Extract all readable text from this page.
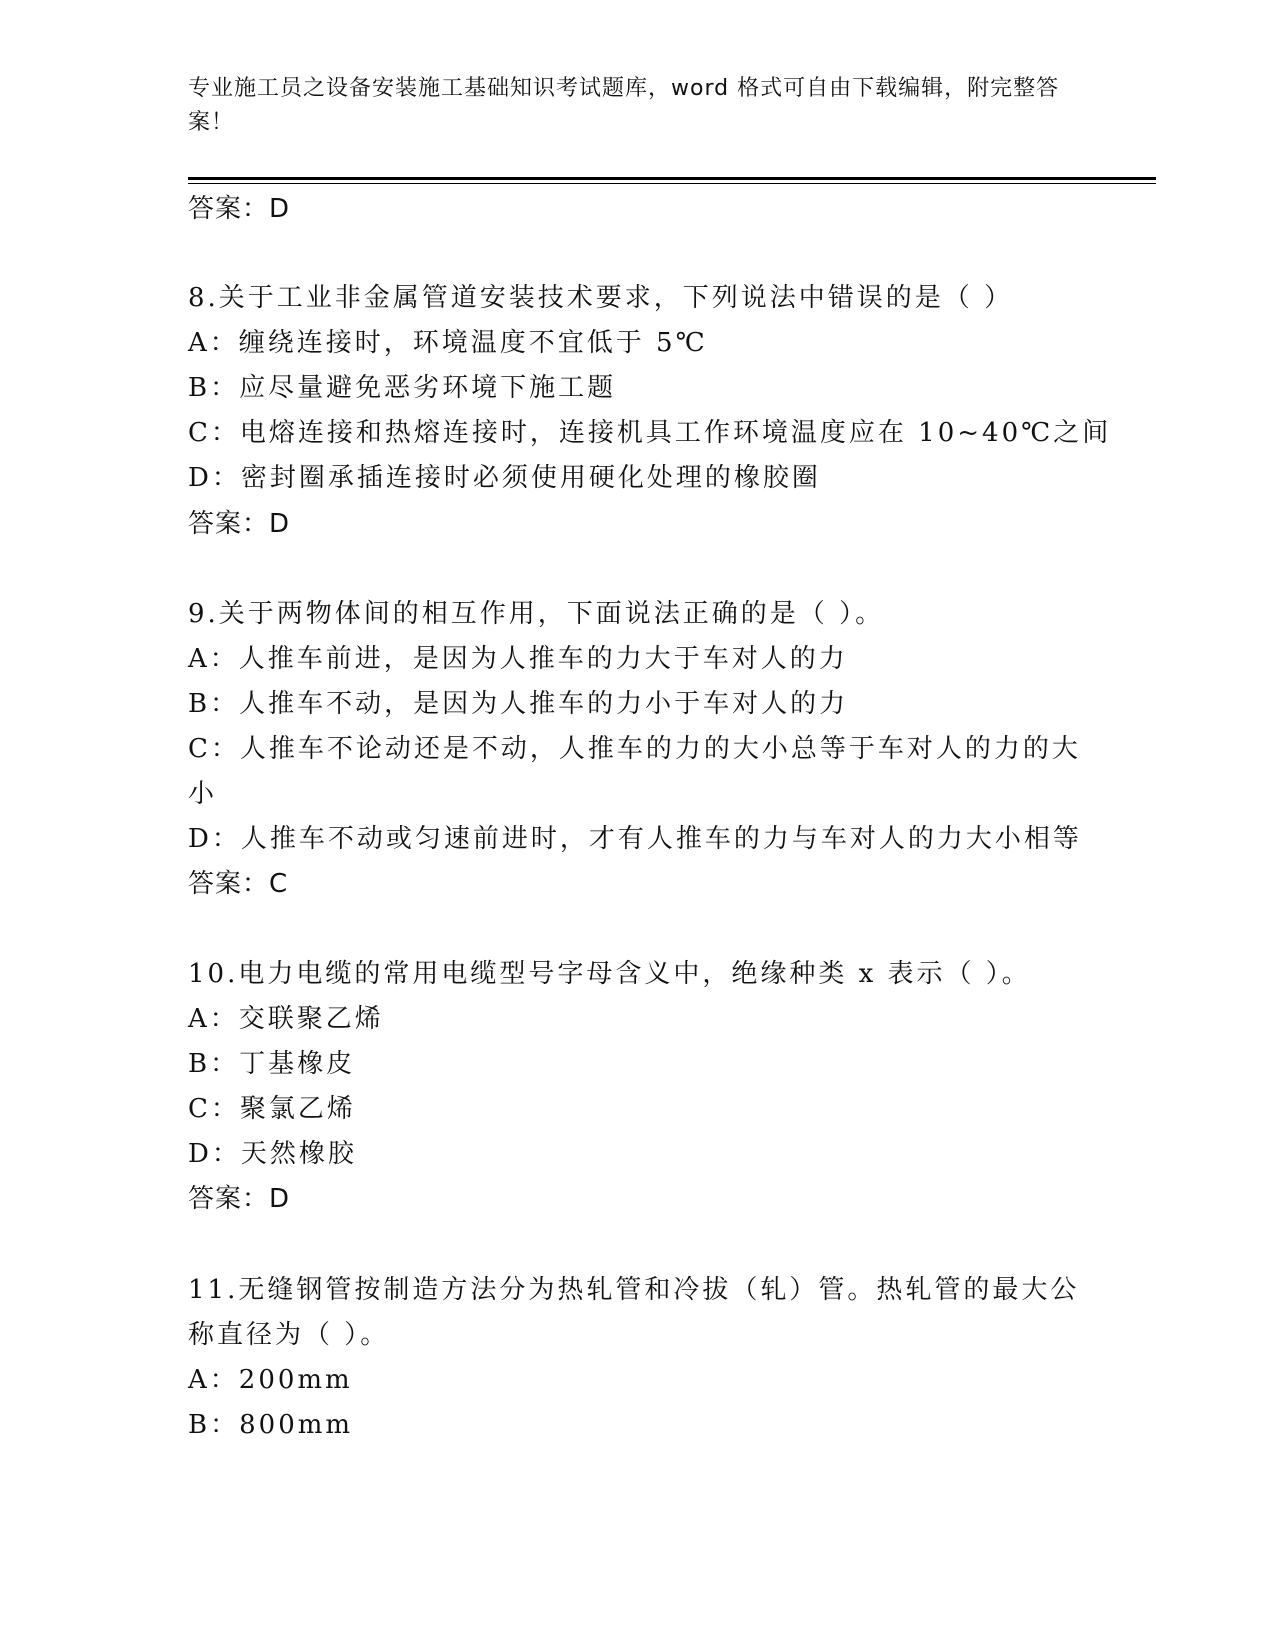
专业施工员之设备安装施工基础知识考试题库，word 格式可自由下载编辑，附完整答案！
答案：D
8.关于工业非金属管道安装技术要求，下列说法中错误的是（ ）
A：缠绕连接时，环境温度不宜低于 5℃
B：应尽量避免恶劣环境下施工题
C：电熔连接和热熔连接时，连接机具工作环境温度应在 10~40℃之间
D：密封圈承插连接时必须使用硬化处理的橡胶圈
答案：D
9.关于两物体间的相互作用，下面说法正确的是（ ）。
A：人推车前进，是因为人推车的力大于车对人的力
B：人推车不动，是因为人推车的力小于车对人的力
C：人推车不论动还是不动，人推车的力的大小总等于车对人的力的大
小
D：人推车不动或匀速前进时，才有人推车的力与车对人的力大小相等
答案：C
10.电力电缆的常用电缆型号字母含义中，绝缘种类 x 表示（ ）。
A：交联聚乙烯
B：丁基橡皮
C：聚氯乙烯
D：天然橡胶
答案：D
11.无缝钢管按制造方法分为热轧管和冷拔（轧）管。热轧管的最大公
称直径为（ ）。
A：200mm
B：800mm
